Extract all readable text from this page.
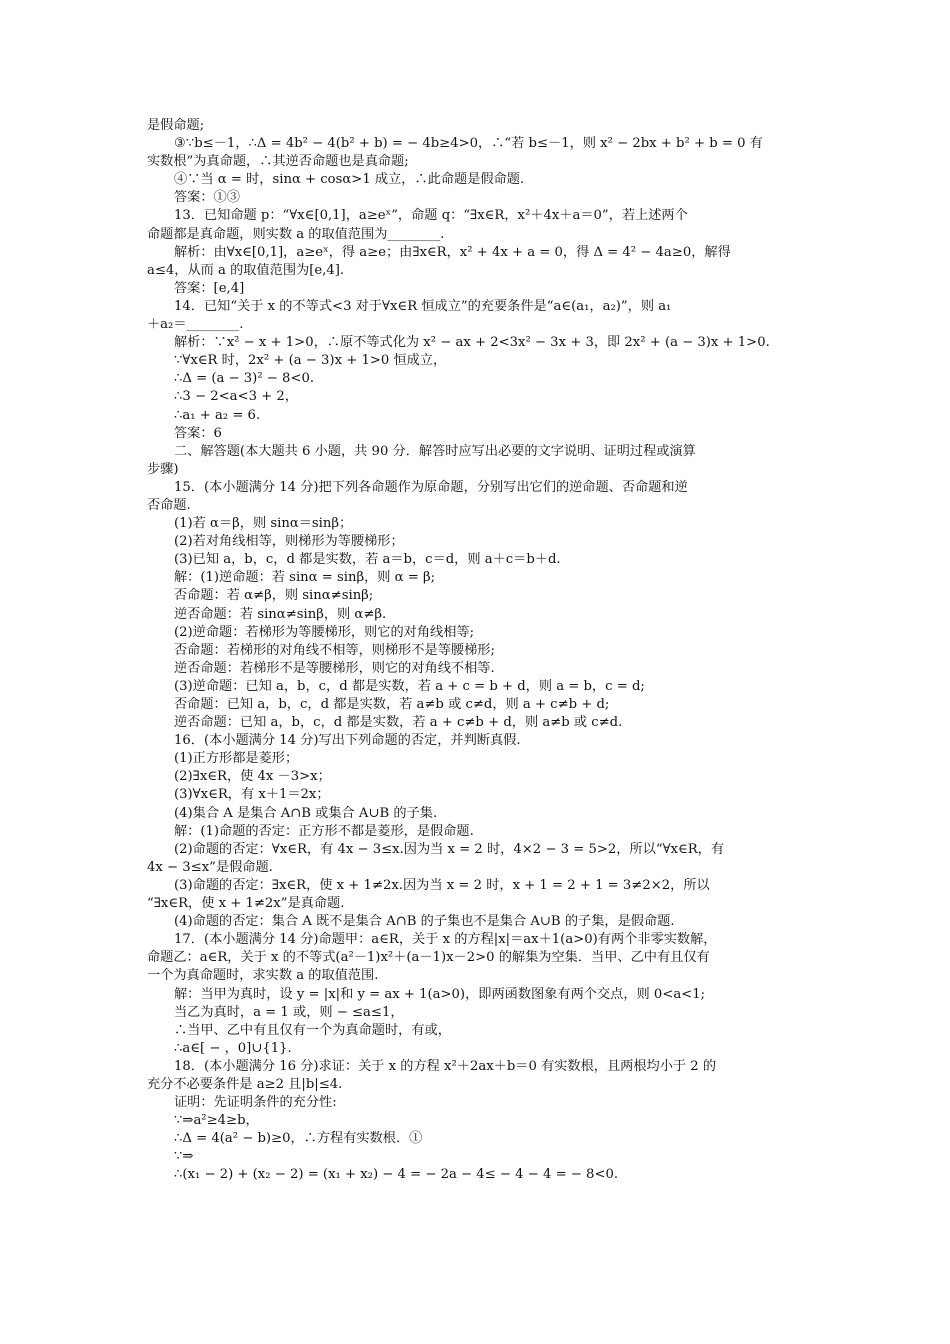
是假命题;
③∵b≤－1，∴Δ = 4b² − 4(b² + b) = − 4b≥4>0，∴“若 b≤－1，则 x² − 2bx + b² + b = 0 有
实数根”为真命题，∴其逆否命题也是真命题;
④∵当 α = 时，sinα + cosα>1 成立，∴此命题是假命题.
答案：①③
13．已知命题 p：“∀x∈[0,1]，a≥eˣ”，命题 q：“∃x∈R，x²＋4x＋a＝0”，若上述两个
命题都是真命题，则实数 a 的取值范围为________.
解析：由∀x∈[0,1]，a≥eˣ，得 a≥e；由∃x∈R，x² + 4x + a = 0，得 Δ = 4² − 4a≥0，解得
a≤4，从而 a 的取值范围为[e,4].
答案：[e,4]
14．已知“关于 x 的不等式<3 对于∀x∈R 恒成立”的充要条件是“a∈(a₁，a₂)”，则 a₁
＋a₂＝________.
解析：∵x² − x + 1>0，∴原不等式化为 x² − ax + 2<3x² − 3x + 3，即 2x² + (a − 3)x + 1>0.
∵∀x∈R 时，2x² + (a − 3)x + 1>0 恒成立，
∴Δ = (a − 3)² − 8<0.
∴3 − 2<a<3 + 2，
∴a₁ + a₂ = 6.
答案：6
二、解答题(本大题共 6 小题，共 90 分．解答时应写出必要的文字说明、证明过程或演算
步骤)
15．(本小题满分 14 分)把下列各命题作为原命题，分别写出它们的逆命题、否命题和逆
否命题.
(1)若 α＝β，则 sinα＝sinβ；
(2)若对角线相等，则梯形为等腰梯形；
(3)已知 a，b，c，d 都是实数，若 a＝b，c＝d，则 a＋c＝b＋d.
解：(1)逆命题：若 sinα = sinβ，则 α = β;
否命题：若 α≠β，则 sinα≠sinβ;
逆否命题：若 sinα≠sinβ，则 α≠β.
(2)逆命题：若梯形为等腰梯形，则它的对角线相等;
否命题：若梯形的对角线不相等，则梯形不是等腰梯形;
逆否命题：若梯形不是等腰梯形，则它的对角线不相等.
(3)逆命题：已知 a，b，c，d 都是实数，若 a + c = b + d，则 a = b，c = d;
否命题：已知 a，b，c，d 都是实数，若 a≠b 或 c≠d，则 a + c≠b + d;
逆否命题：已知 a，b，c，d 都是实数，若 a + c≠b + d，则 a≠b 或 c≠d.
16．(本小题满分 14 分)写出下列命题的否定，并判断真假.
(1)正方形都是菱形；
(2)∃x∈R，使 4x －3>x；
(3)∀x∈R，有 x＋1＝2x；
(4)集合 A 是集合 A∩B 或集合 A∪B 的子集.
解：(1)命题的否定：正方形不都是菱形，是假命题.
(2)命题的否定：∀x∈R，有 4x − 3≤x.因为当 x = 2 时，4×2 − 3 = 5>2，所以“∀x∈R，有
4x − 3≤x”是假命题.
(3)命题的否定：∃x∈R，使 x + 1≠2x.因为当 x = 2 时，x + 1 = 2 + 1 = 3≠2×2，所以
“∃x∈R，使 x + 1≠2x”是真命题.
(4)命题的否定：集合 A 既不是集合 A∩B 的子集也不是集合 A∪B 的子集，是假命题.
17．(本小题满分 14 分)命题甲：a∈R，关于 x 的方程|x|＝ax＋1(a>0)有两个非零实数解，
命题乙：a∈R，关于 x 的不等式(a²－1)x²＋(a－1)x－2>0 的解集为空集．当甲、乙中有且仅有
一个为真命题时，求实数 a 的取值范围.
解：当甲为真时，设 y = |x|和 y = ax + 1(a>0)，即两函数图象有两个交点，则 0<a<1;
当乙为真时，a = 1 或，则 − ≤a≤1，
∴当甲、乙中有且仅有一个为真命题时，有或，
∴a∈[ − ，0]∪{1}.
18．(本小题满分 16 分)求证：关于 x 的方程 x²＋2ax＋b＝0 有实数根，且两根均小于 2 的
充分不必要条件是 a≥2 且|b|≤4.
证明：先证明条件的充分性:
∵⇒a²≥4≥b，
∴Δ = 4(a² − b)≥0，∴方程有实数根．①
∵⇒
∴(x₁ − 2) + (x₂ − 2) = (x₁ + x₂) − 4 = − 2a − 4≤ − 4 − 4 = − 8<0.
